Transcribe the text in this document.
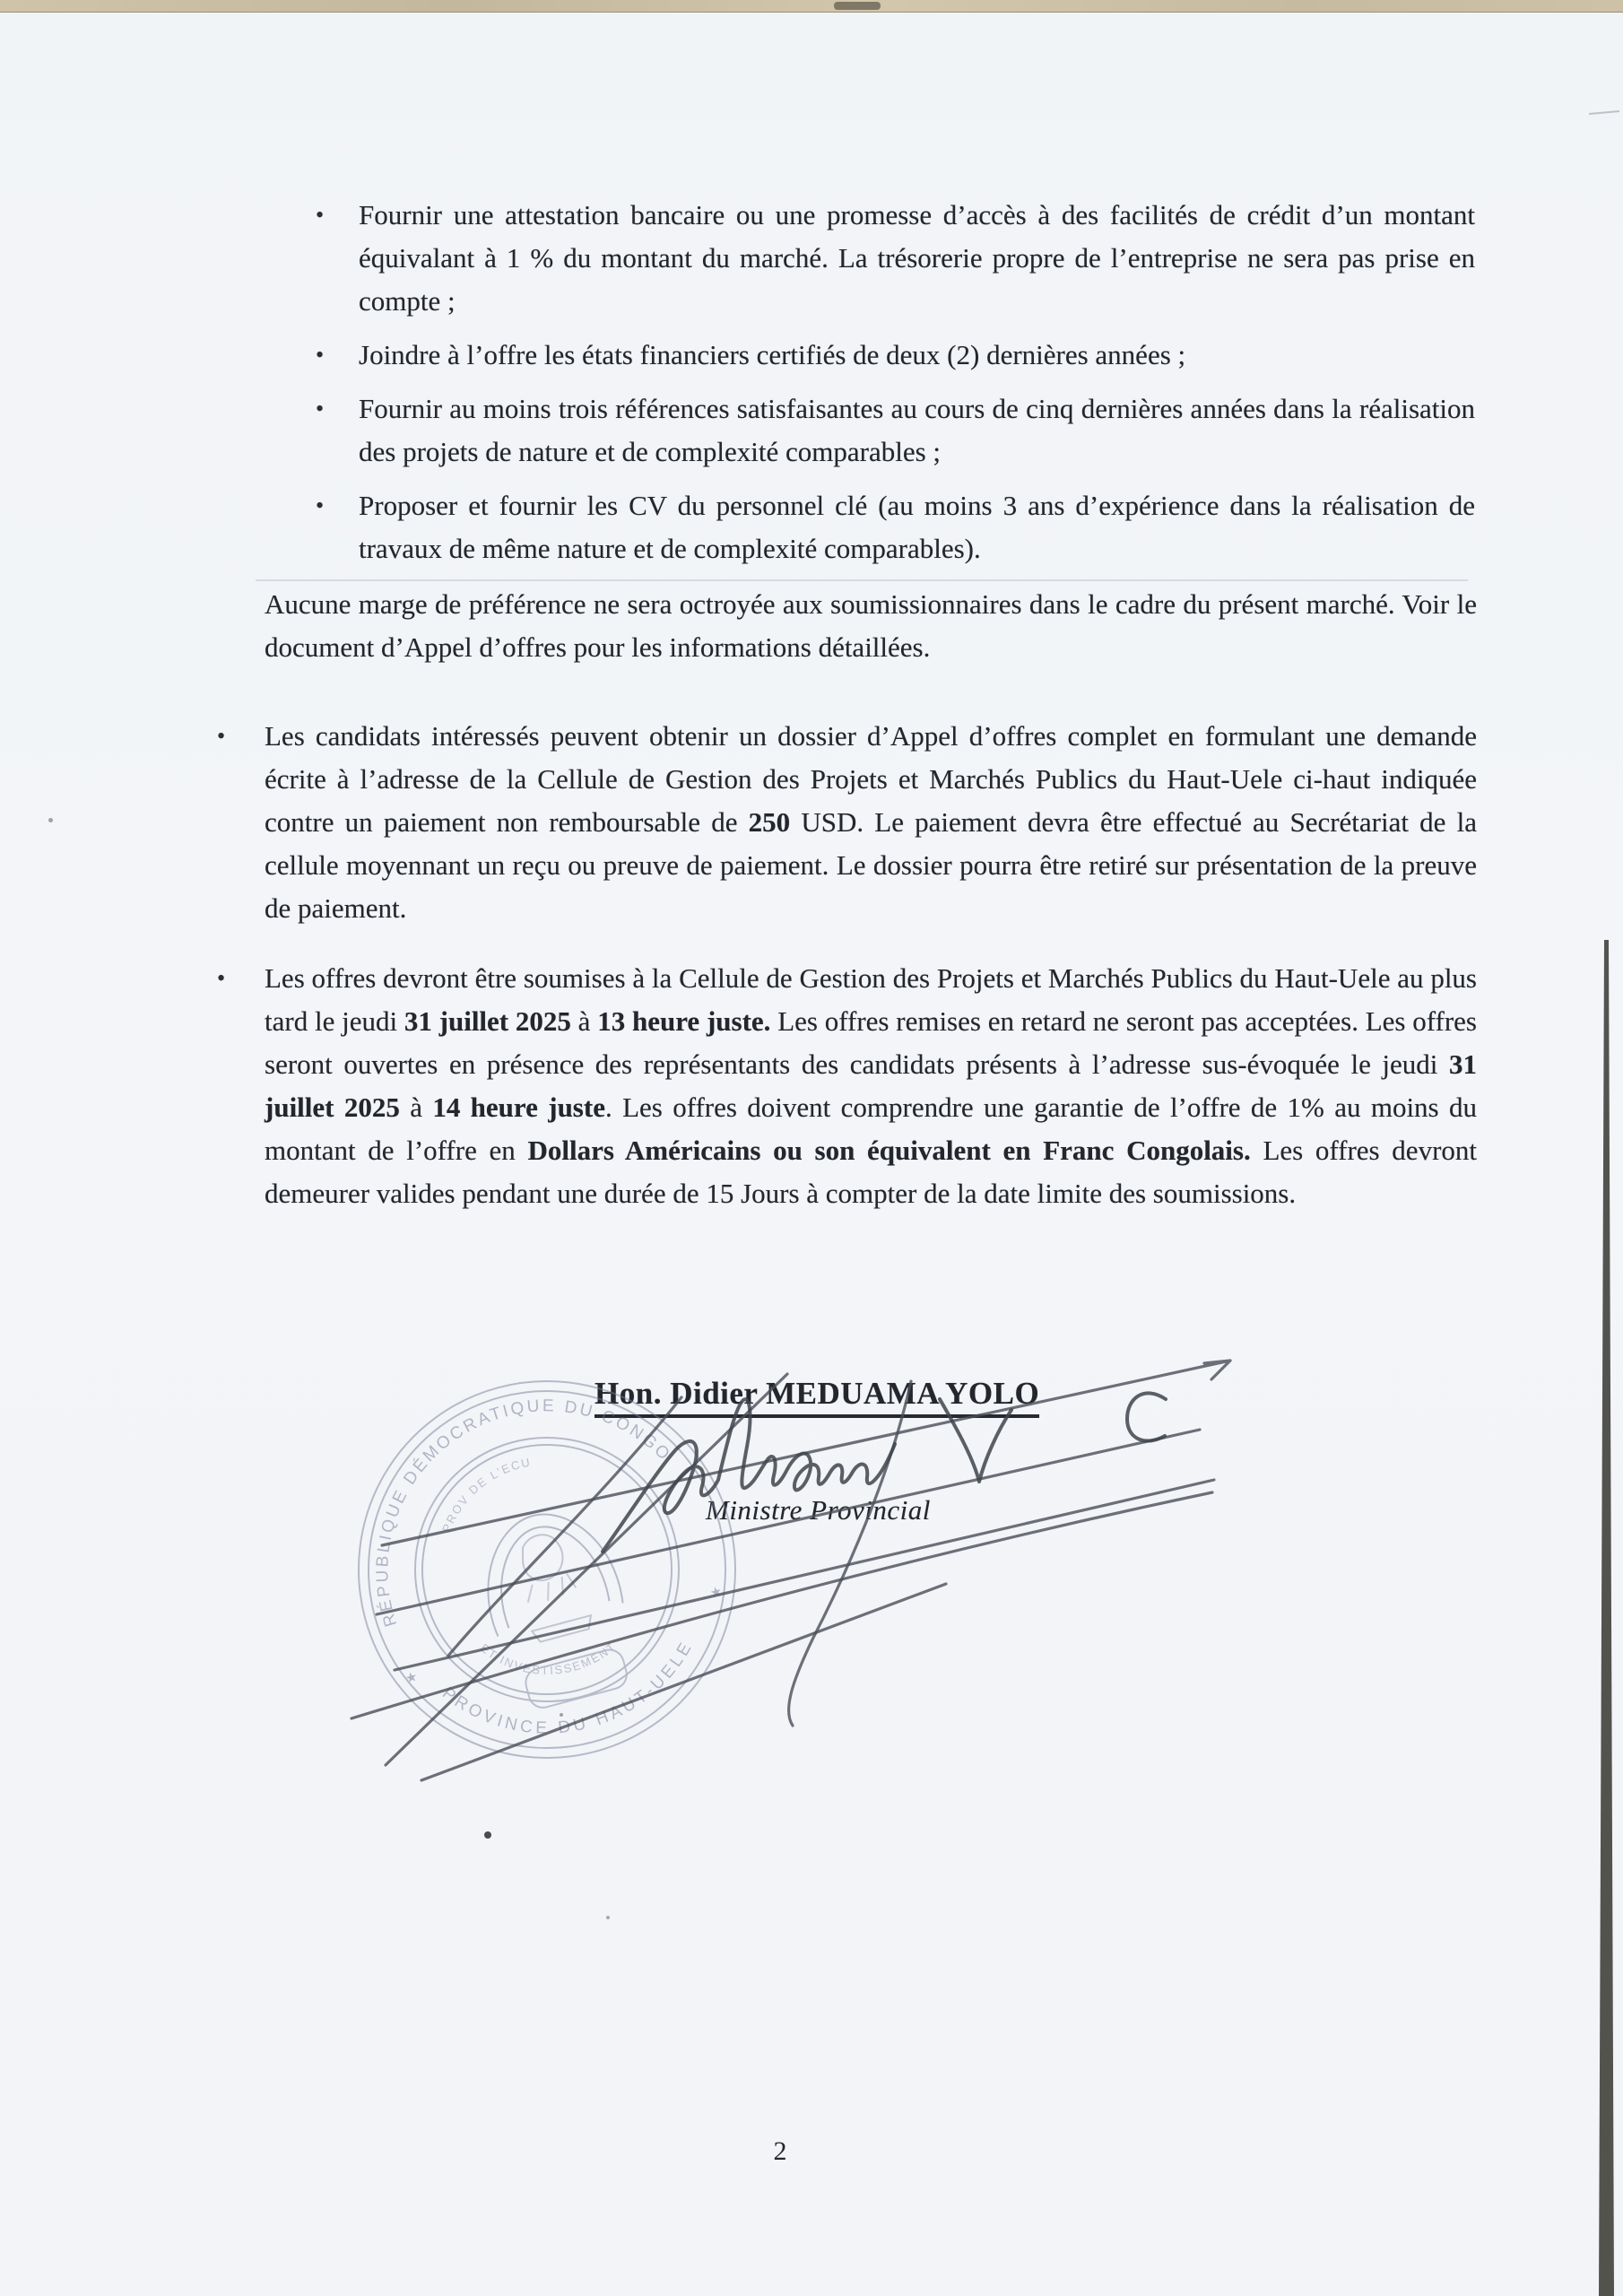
•	Fournir une attestation bancaire ou une promesse d’accès à des facilités de crédit d’un montant équivalant à 1 % du montant du marché. La trésorerie propre de l’entreprise ne sera pas prise en compte ;
•	Joindre à l’offre les états financiers certifiés de deux (2) dernières années ;
•	Fournir au moins trois références satisfaisantes au cours de cinq dernières années dans la réalisation des projets de nature et de complexité comparables ;
•	Proposer et fournir les CV du personnel clé (au moins 3 ans d’expérience dans la réalisation de travaux de même nature et de complexité comparables).
Aucune marge de préférence ne sera octroyée aux soumissionnaires dans le cadre du présent marché. Voir le document d’Appel d’offres pour les informations détaillées.
•	Les candidats intéressés peuvent obtenir un dossier d’Appel d’offres complet en formulant une demande écrite à l’adresse de la Cellule de Gestion des Projets et Marchés Publics du Haut-Uele ci-haut indiquée contre un paiement non remboursable de 250 USD. Le paiement devra être effectué au Secrétariat de la cellule moyennant un reçu ou preuve de paiement. Le dossier pourra être retiré sur présentation de la preuve de paiement.
•	Les offres devront être soumises à la Cellule de Gestion des Projets et Marchés Publics du Haut-Uele au plus tard le jeudi 31 juillet 2025 à 13 heure juste. Les offres remises en retard ne seront pas acceptées. Les offres seront ouvertes en présence des représentants des candidats présents à l’adresse sus-évoquée le jeudi 31 juillet 2025 à 14 heure juste. Les offres doivent comprendre une garantie de l’offre de 1% au moins du montant de l’offre en Dollars Américains ou son équivalent en Franc Congolais. Les offres devront demeurer valides pendant une durée de 15 Jours à compter de la date limite des soumissions.
Hon. Didier MEDUAMA YOLO
Ministre Provincial
RÉPUBLIQUE DÉMOCRATIQUE DU CONGO
PROVINCE DU HAUT-UELE
PROV DE L’ECU
ET INVESTISSEMENT
★
★
2
